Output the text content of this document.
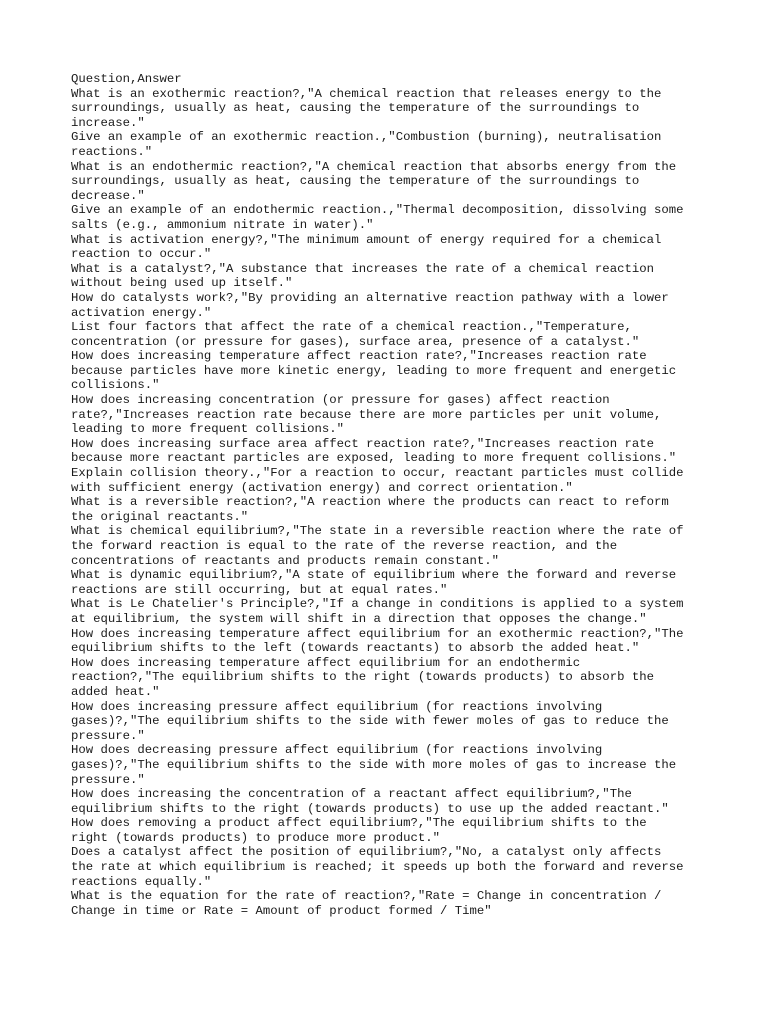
Question,Answer
What is an exothermic reaction?,"A chemical reaction that releases energy to the
surroundings, usually as heat, causing the temperature of the surroundings to
increase."
Give an example of an exothermic reaction.,"Combustion (burning), neutralisation
reactions."
What is an endothermic reaction?,"A chemical reaction that absorbs energy from the
surroundings, usually as heat, causing the temperature of the surroundings to
decrease."
Give an example of an endothermic reaction.,"Thermal decomposition, dissolving some
salts (e.g., ammonium nitrate in water)."
What is activation energy?,"The minimum amount of energy required for a chemical
reaction to occur."
What is a catalyst?,"A substance that increases the rate of a chemical reaction
without being used up itself."
How do catalysts work?,"By providing an alternative reaction pathway with a lower
activation energy."
List four factors that affect the rate of a chemical reaction.,"Temperature,
concentration (or pressure for gases), surface area, presence of a catalyst."
How does increasing temperature affect reaction rate?,"Increases reaction rate
because particles have more kinetic energy, leading to more frequent and energetic
collisions."
How does increasing concentration (or pressure for gases) affect reaction
rate?,"Increases reaction rate because there are more particles per unit volume,
leading to more frequent collisions."
How does increasing surface area affect reaction rate?,"Increases reaction rate
because more reactant particles are exposed, leading to more frequent collisions."
Explain collision theory.,"For a reaction to occur, reactant particles must collide
with sufficient energy (activation energy) and correct orientation."
What is a reversible reaction?,"A reaction where the products can react to reform
the original reactants."
What is chemical equilibrium?,"The state in a reversible reaction where the rate of
the forward reaction is equal to the rate of the reverse reaction, and the
concentrations of reactants and products remain constant."
What is dynamic equilibrium?,"A state of equilibrium where the forward and reverse
reactions are still occurring, but at equal rates."
What is Le Chatelier's Principle?,"If a change in conditions is applied to a system
at equilibrium, the system will shift in a direction that opposes the change."
How does increasing temperature affect equilibrium for an exothermic reaction?,"The
equilibrium shifts to the left (towards reactants) to absorb the added heat."
How does increasing temperature affect equilibrium for an endothermic
reaction?,"The equilibrium shifts to the right (towards products) to absorb the
added heat."
How does increasing pressure affect equilibrium (for reactions involving
gases)?,"The equilibrium shifts to the side with fewer moles of gas to reduce the
pressure."
How does decreasing pressure affect equilibrium (for reactions involving
gases)?,"The equilibrium shifts to the side with more moles of gas to increase the
pressure."
How does increasing the concentration of a reactant affect equilibrium?,"The
equilibrium shifts to the right (towards products) to use up the added reactant."
How does removing a product affect equilibrium?,"The equilibrium shifts to the
right (towards products) to produce more product."
Does a catalyst affect the position of equilibrium?,"No, a catalyst only affects
the rate at which equilibrium is reached; it speeds up both the forward and reverse
reactions equally."
What is the equation for the rate of reaction?,"Rate = Change in concentration /
Change in time or Rate = Amount of product formed / Time"
